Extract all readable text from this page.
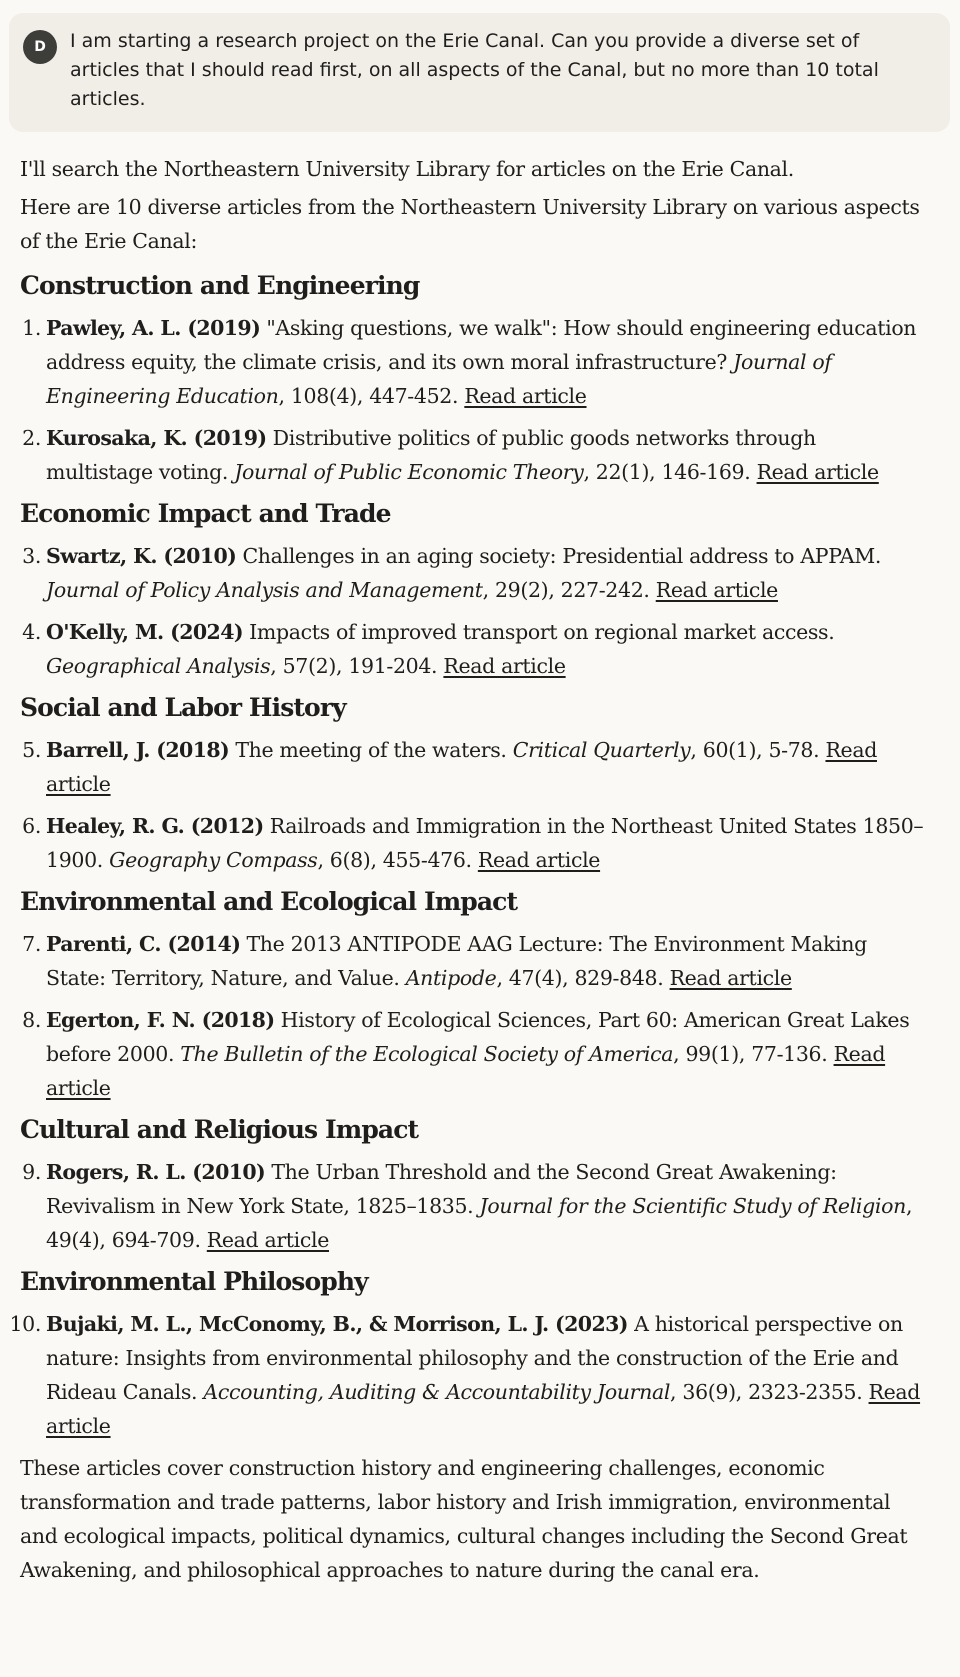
D	I am starting a research project on the Erie Canal. Can you provide a diverse set of articles that I should read first, on all aspects of the Canal, but no more than 10 total articles.

I'll search the Northeastern University Library for articles on the Erie Canal.

Here are 10 diverse articles from the Northeastern University Library on various aspects of the Erie Canal:

Construction and Engineering
1. Pawley, A. L. (2019) "Asking questions, we walk": How should engineering education address equity, the climate crisis, and its own moral infrastructure? Journal of Engineering Education, 108(4), 447-452. Read article
2. Kurosaka, K. (2019) Distributive politics of public goods networks through multistage voting. Journal of Public Economic Theory, 22(1), 146-169. Read article
Economic Impact and Trade
3. Swartz, K. (2010) Challenges in an aging society: Presidential address to APPAM. Journal of Policy Analysis and Management, 29(2), 227-242. Read article
4. O'Kelly, M. (2024) Impacts of improved transport on regional market access. Geographical Analysis, 57(2), 191-204. Read article
Social and Labor History
5. Barrell, J. (2018) The meeting of the waters. Critical Quarterly, 60(1), 5-78. Read article
6. Healey, R. G. (2012) Railroads and Immigration in the Northeast United States 1850–1900. Geography Compass, 6(8), 455-476. Read article
Environmental and Ecological Impact
7. Parenti, C. (2014) The 2013 ANTIPODE AAG Lecture: The Environment Making State: Territory, Nature, and Value. Antipode, 47(4), 829-848. Read article
8. Egerton, F. N. (2018) History of Ecological Sciences, Part 60: American Great Lakes before 2000. The Bulletin of the Ecological Society of America, 99(1), 77-136. Read article
Cultural and Religious Impact
9. Rogers, R. L. (2010) The Urban Threshold and the Second Great Awakening: Revivalism in New York State, 1825–1835. Journal for the Scientific Study of Religion, 49(4), 694-709. Read article
Environmental Philosophy
10. Bujaki, M. L., McConomy, B., & Morrison, L. J. (2023) A historical perspective on nature: Insights from environmental philosophy and the construction of the Erie and Rideau Canals. Accounting, Auditing & Accountability Journal, 36(9), 2323-2355. Read article

These articles cover construction history and engineering challenges, economic transformation and trade patterns, labor history and Irish immigration, environmental and ecological impacts, political dynamics, cultural changes including the Second Great Awakening, and philosophical approaches to nature during the canal era.
